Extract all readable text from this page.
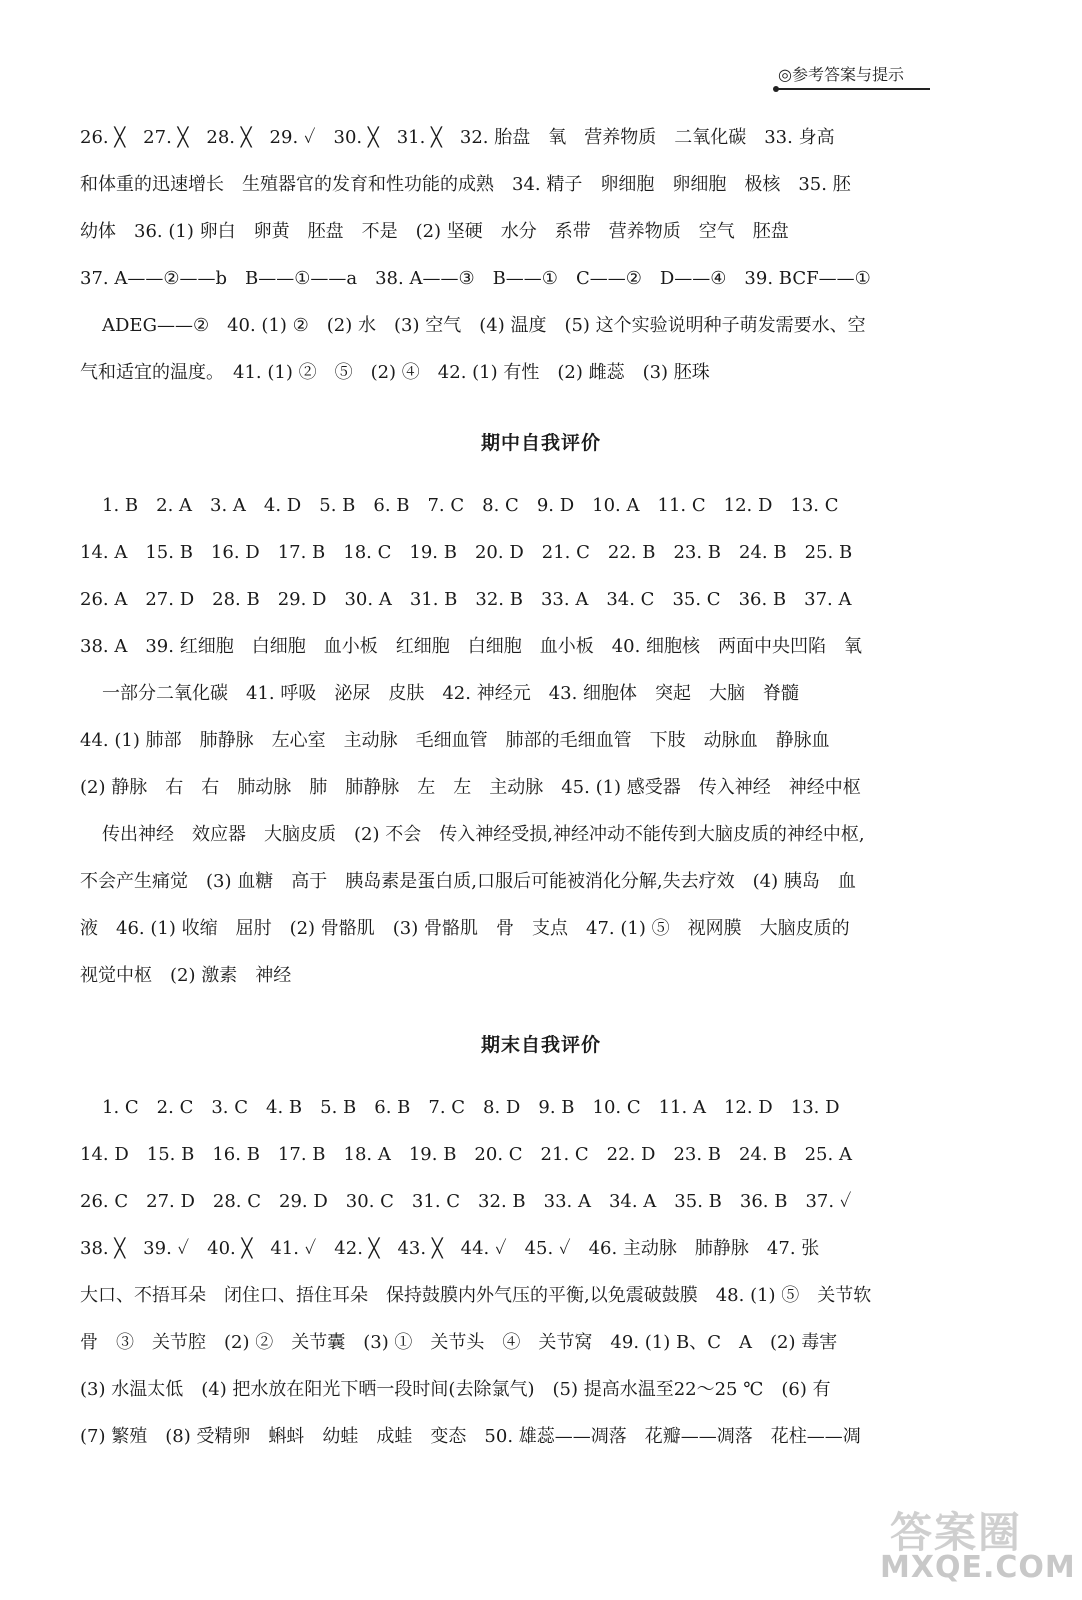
◎参考答案与提示
26. ╳　27. ╳　28. ╳　29. ✓　30. ╳　31. ╳　32. 胎盘　氧　营养物质　二氧化碳　33. 身高
和体重的迅速增长　生殖器官的发育和性功能的成熟　34. 精子　卵细胞　卵细胞　极核　35. 胚
幼体　36. (1) 卵白　卵黄　胚盘　不是　(2) 坚硬　水分　系带　营养物质　空气　胚盘
37. A——②——b　B——①——a　38. A——③　B——①　C——②　D——④　39. BCF——①
ADEG——②　40. (1) ②　(2) 水　(3) 空气　(4) 温度　(5) 这个实验说明种子萌发需要水、空
气和适宜的温度。　41. (1) ②　⑤　(2) ④　42. (1) 有性　(2) 雌蕊　(3) 胚珠
期中自我评价
1. B　2. A　3. A　4. D　5. B　6. B　7. C　8. C　9. D　10. A　11. C　12. D　13. C
14. A　15. B　16. D　17. B　18. C　19. B　20. D　21. C　22. B　23. B　24. B　25. B
26. A　27. D　28. B　29. D　30. A　31. B　32. B　33. A　34. C　35. C　36. B　37. A
38. A　39. 红细胞　白细胞　血小板　红细胞　白细胞　血小板　40. 细胞核　两面中央凹陷　氧
一部分二氧化碳　41. 呼吸　泌尿　皮肤　42. 神经元　43. 细胞体　突起　大脑　脊髓
44. (1) 肺部　肺静脉　左心室　主动脉　毛细血管　肺部的毛细血管　下肢　动脉血　静脉血
(2) 静脉　右　右　肺动脉　肺　肺静脉　左　左　主动脉　45. (1) 感受器　传入神经　神经中枢
传出神经　效应器　大脑皮质　(2) 不会　传入神经受损,神经冲动不能传到大脑皮质的神经中枢,
不会产生痛觉　(3) 血糖　高于　胰岛素是蛋白质,口服后可能被消化分解,失去疗效　(4) 胰岛　血
液　46. (1) 收缩　屈肘　(2) 骨骼肌　(3) 骨骼肌　骨　支点　47. (1) ⑤　视网膜　大脑皮质的
视觉中枢　(2) 激素　神经
期末自我评价
1. C　2. C　3. C　4. B　5. B　6. B　7. C　8. D　9. B　10. C　11. A　12. D　13. D
14. D　15. B　16. B　17. B　18. A　19. B　20. C　21. C　22. D　23. B　24. B　25. A
26. C　27. D　28. C　29. D　30. C　31. C　32. B　33. A　34. A　35. B　36. B　37. ✓
38. ╳　39. ✓　40. ╳　41. ✓　42. ╳　43. ╳　44. ✓　45. ✓　46. 主动脉　肺静脉　47. 张
大口、不捂耳朵　闭住口、捂住耳朵　保持鼓膜内外气压的平衡,以免震破鼓膜　48. (1) ⑤　关节软
骨　③　关节腔　(2) ②　关节囊　(3) ①　关节头　④　关节窝　49. (1) B、C　A　(2) 毒害
(3) 水温太低　(4) 把水放在阳光下晒一段时间(去除氯气)　(5) 提高水温至22～25 ℃　(6) 有
(7) 繁殖　(8) 受精卵　蝌蚪　幼蛙　成蛙　变态　50. 雄蕊——凋落　花瓣——凋落　花柱——凋
答案圈
MXQE.COM
